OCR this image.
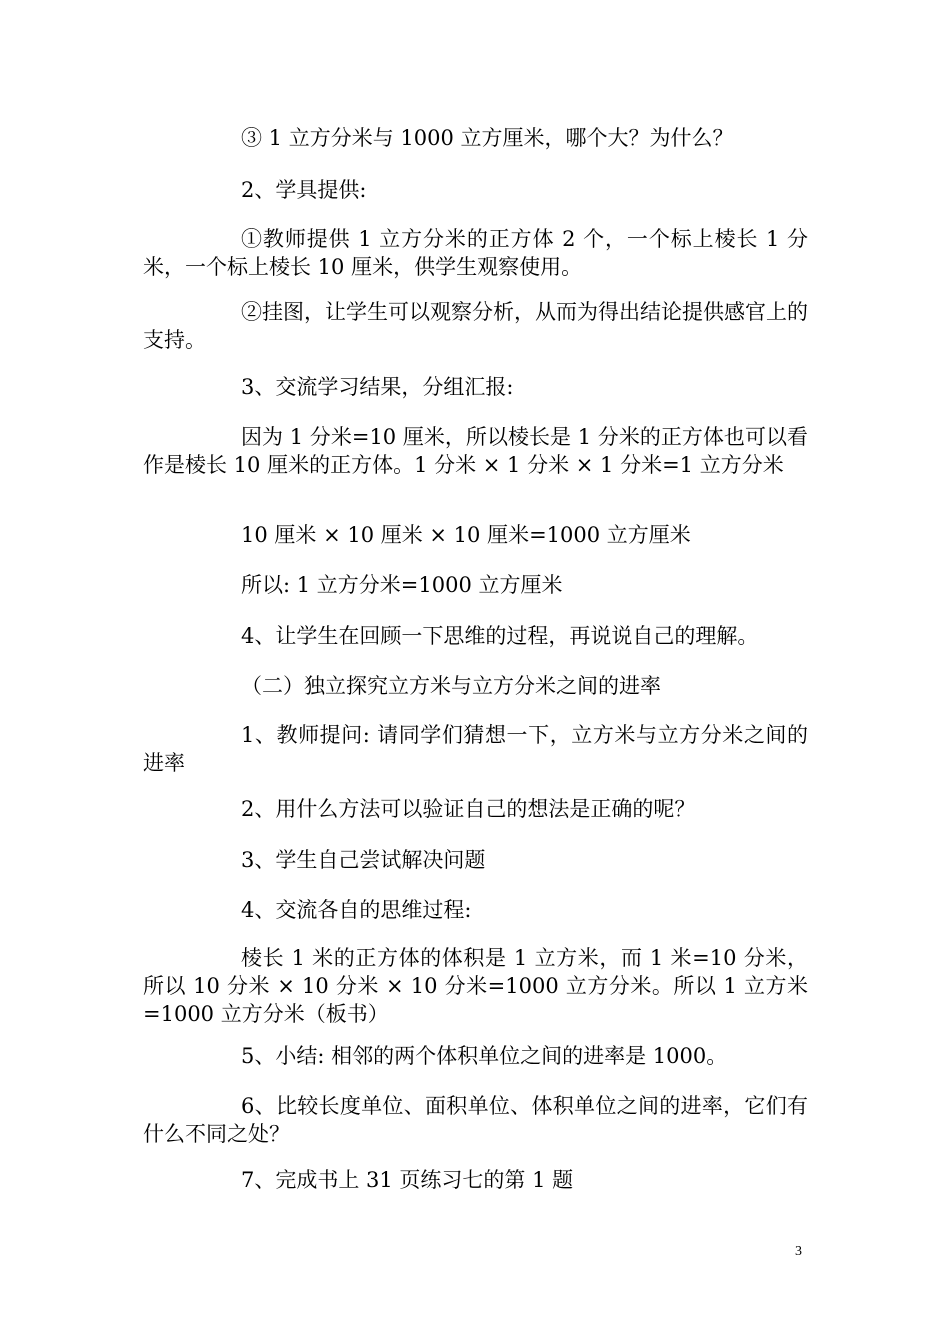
③ 1 立方分米与 1000 立方厘米，哪个大？为什么？

2、学具提供:

①教师提供 1 立方分米的正方体 2 个，一个标上棱长 1 分米，一个标上棱长 10 厘米，供学生观察使用。

②挂图，让学生可以观察分析，从而为得出结论提供感官上的支持。

3、交流学习结果，分组汇报:

因为 1 分米=10 厘米，所以棱长是 1 分米的正方体也可以看作是棱长 10 厘米的正方体。1 分米 × 1 分米 × 1 分米=1 立方分米

10 厘米 × 10 厘米 × 10 厘米=1000 立方厘米

所以: 1 立方分米=1000 立方厘米

4、让学生在回顾一下思维的过程，再说说自己的理解。

（二）独立探究立方米与立方分米之间的进率

1、教师提问: 请同学们猜想一下，立方米与立方分米之间的进率

2、用什么方法可以验证自己的想法是正确的呢？

3、学生自己尝试解决问题

4、交流各自的思维过程:

棱长 1 米的正方体的体积是 1 立方米，而 1 米=10 分米，所以 10 分米 × 10 分米 × 10 分米=1000 立方分米。所以 1 立方米=1000 立方分米（板书）

5、小结: 相邻的两个体积单位之间的进率是 1000。

6、比较长度单位、面积单位、体积单位之间的进率，它们有什么不同之处？

7、完成书上 31 页练习七的第 1 题

3
